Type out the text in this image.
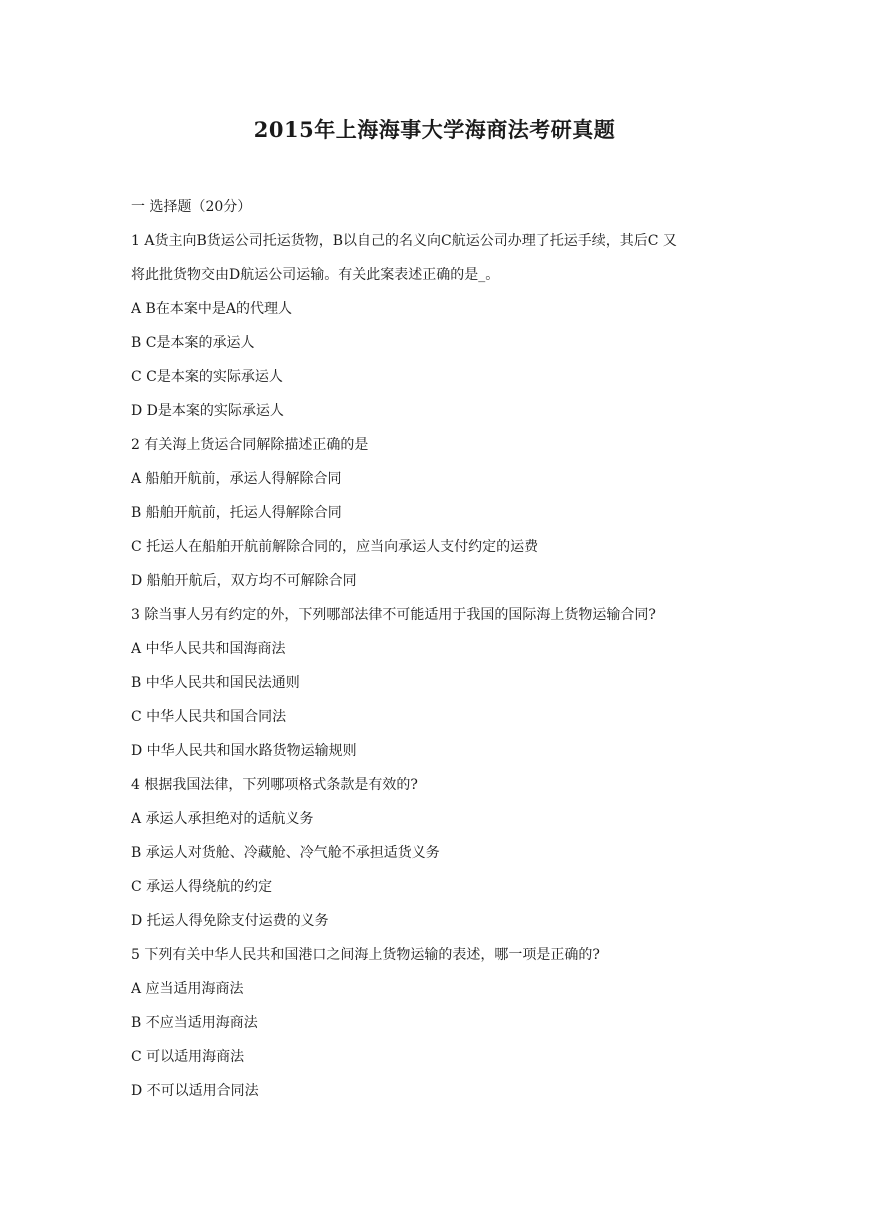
2015年上海海事大学海商法考研真题
一 选择题（20分）
1 A货主向B货运公司托运货物，B以自己的名义向C航运公司办理了托运手续，其后C 又
将此批货物交由D航运公司运输。有关此案表述正确的是_。
A B在本案中是A的代理人
B C是本案的承运人
C C是本案的实际承运人
D D是本案的实际承运人
2 有关海上货运合同解除描述正确的是
A 船舶开航前，承运人得解除合同
B 船舶开航前，托运人得解除合同
C 托运人在船舶开航前解除合同的，应当向承运人支付约定的运费
D 船舶开航后，双方均不可解除合同
3 除当事人另有约定的外，下列哪部法律不可能适用于我国的国际海上货物运输合同?
A 中华人民共和国海商法
B 中华人民共和国民法通则
C 中华人民共和国合同法
D 中华人民共和国水路货物运输规则
4 根据我国法律，下列哪项格式条款是有效的?
A 承运人承担绝对的适航义务
B 承运人对货舱、冷藏舱、冷气舱不承担适货义务
C 承运人得绕航的约定
D 托运人得免除支付运费的义务
5 下列有关中华人民共和国港口之间海上货物运输的表述，哪一项是正确的?
A 应当适用海商法
B 不应当适用海商法
C 可以适用海商法
D 不可以适用合同法
